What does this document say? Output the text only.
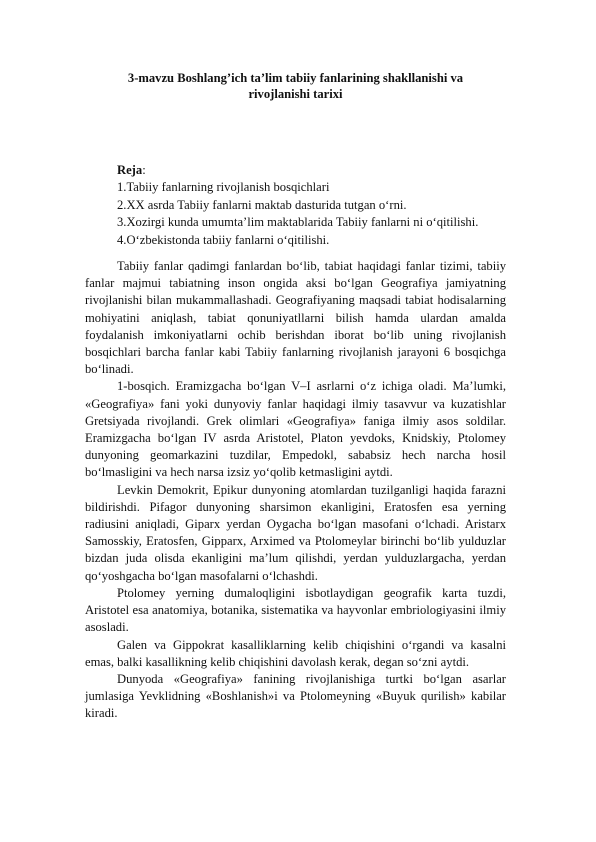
3-mavzu Boshlang’ich ta’lim tabiiy fanlarining shakllanishi va
rivojlanishi tarixi

Reja:

1.Tabiiy fanlarning rivojlanish bosqichlari

2.XX asrda Tabiiy fanlarni maktab dasturida tutgan o‘rni.

3.Xozirgi kunda umumta’lim maktablarida Tabiiy fanlarni ni o‘qitilishi.

4.O‘zbekistonda tabiiy fanlarni o‘qitilishi.

Tabiiy fanlar qadimgi fanlardan bo‘lib, tabiat haqidagi fanlar tizimi, tabiiy fanlar majmui tabiatning inson ongida aksi bo‘lgan Geografiya jamiyatning rivojlanishi bilan mukammallashadi. Geografiyaning maqsadi tabiat hodisalarning mohiyatini aniqlash, tabiat qonuniyatllarni bilish hamda ulardan amalda foydalanish imkoniyatlarni ochib berishdan iborat bo‘lib uning rivojlanish bosqichlari barcha fanlar kabi Tabiiy fanlarning rivojlanish jarayoni 6 bosqichga bo‘linadi.

1-bosqich. Eramizgacha bo‘lgan V–I asrlarni o‘z ichiga oladi. Ma’lumki, «Geografiya» fani yoki dunyoviy fanlar haqidagi ilmiy tasavvur va kuzatishlar Gretsiyada rivojlandi. Grek olimlari «Geografiya» faniga ilmiy asos soldilar. Eramizgacha bo‘lgan IV asrda Aristotel, Platon yevdoks, Knidskiy, Ptolomey dunyoning geomarkazini tuzdilar, Empedokl, sababsiz hech narcha hosil bo‘lmasligini va hech narsa izsiz yo‘qolib ketmasligini aytdi.

Levkin Demokrit, Epikur dunyoning atomlardan tuzilganligi haqida farazni bildirishdi. Pifagor dunyoning sharsimon ekanligini, Eratosfen esa yerning radiusini aniqladi, Giparx yerdan Oygacha bo‘lgan masofani o‘lchadi. Aristarx Samosskiy, Eratosfen, Gipparx, Arximed va Ptolomeylar birinchi bo‘lib yulduzlar bizdan juda olisda ekanligini ma’lum qilishdi, yerdan yulduzlargacha, yerdan qo‘yoshgacha bo‘lgan masofalarni o‘lchashdi.

Ptolomey yerning dumaloqligini isbotlaydigan geografik karta tuzdi, Aristotel esa anatomiya, botanika, sistematika va hayvonlar embriologiyasini ilmiy asosladi.

Galen va Gippokrat kasalliklarning kelib chiqishini o‘rgandi va kasalni emas, balki kasallikning kelib chiqishini davolash kerak, degan so‘zni aytdi.

Dunyoda «Geografiya» fanining rivojlanishiga turtki bo‘lgan asarlar jumlasiga Yevklidning «Boshlanish»i va Ptolomeyning «Buyuk qurilish» kabilar kiradi.
